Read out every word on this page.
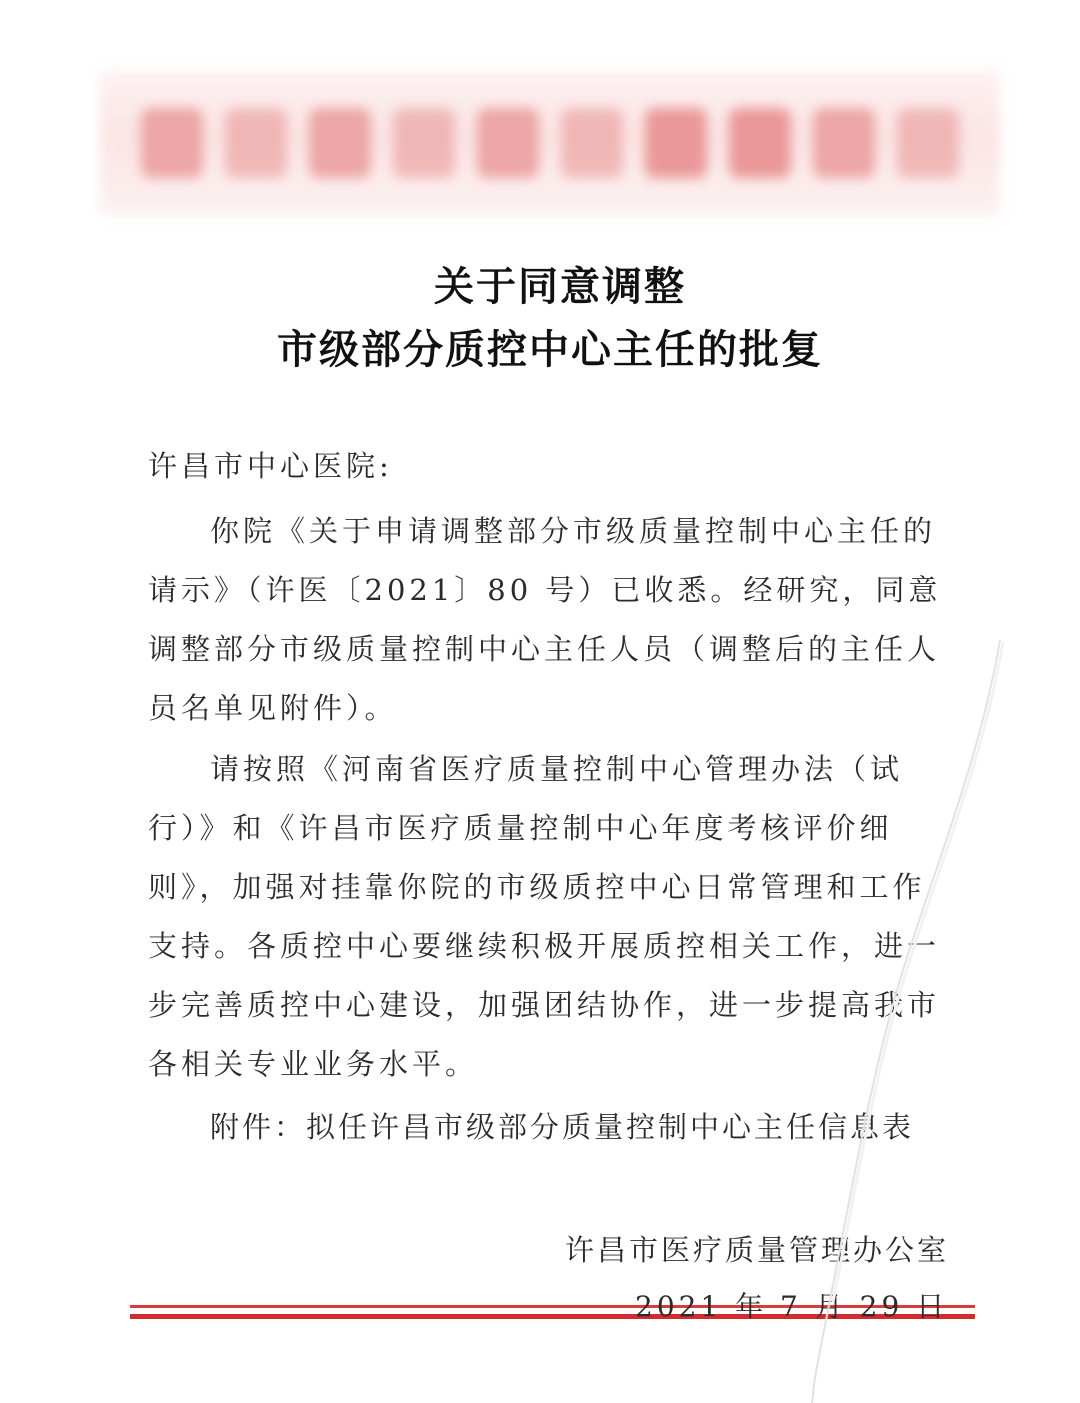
关于同意调整
市级部分质控中心主任的批复
许昌市中心医院:
你院《关于申请调整部分市级质量控制中心主任的请示》（许医〔2021〕80 号）已收悉。经研究，同意调整部分市级质量控制中心主任人员（调整后的主任人员名单见附件）。
请按照《河南省医疗质量控制中心管理办法（试行）》和《许昌市医疗质量控制中心年度考核评价细则》，加强对挂靠你院的市级质控中心日常管理和工作支持。各质控中心要继续积极开展质控相关工作，进一步完善质控中心建设，加强团结协作，进一步提高我市各相关专业业务水平。
附件：拟任许昌市级部分质量控制中心主任信息表
许昌市医疗质量管理办公室
2021 年 7 月 29 日
